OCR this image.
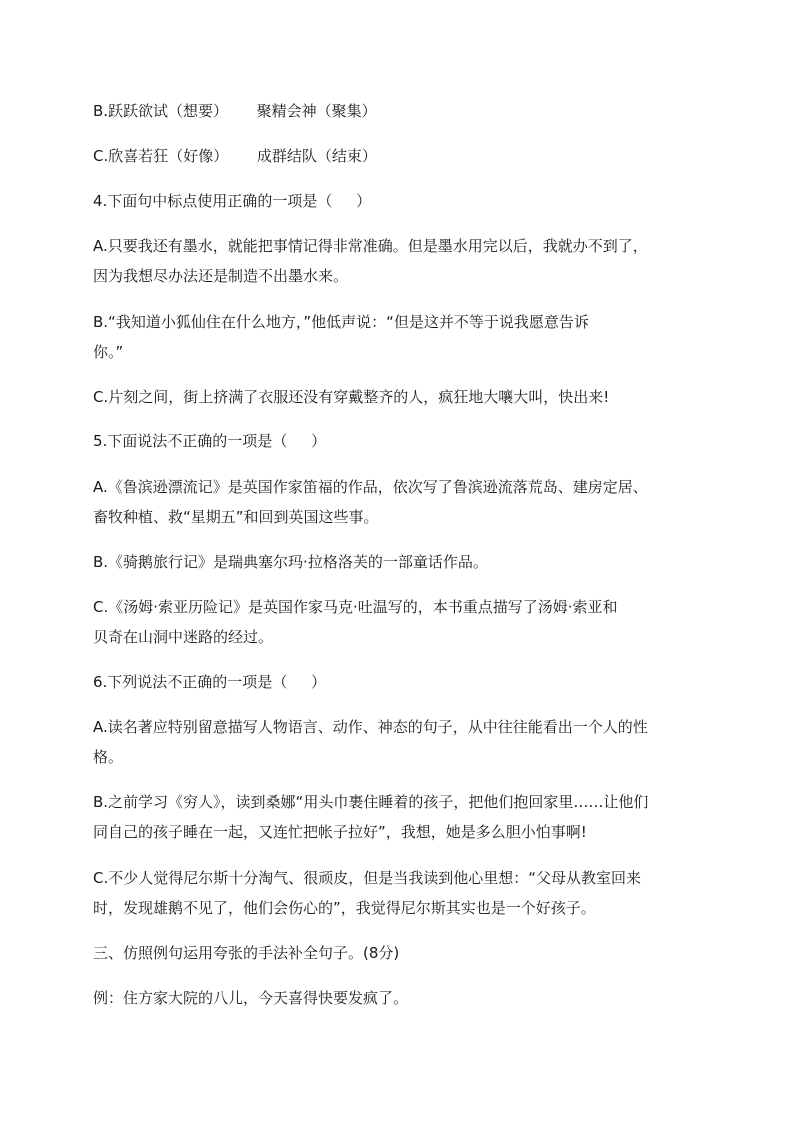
B.跃跃欲试（想要）      聚精会神（聚集）
C.欣喜若狂（好像）      成群结队（结束）
4.下面句中标点使用正确的一项是（     ）
A.只要我还有墨水，就能把事情记得非常准确。但是墨水用完以后，我就办不到了，
因为我想尽办法还是制造不出墨水来。
B.“我知道小狐仙住在什么地方，”他低声说：“但是这并不等于说我愿意告诉
你。”
C.片刻之间，街上挤满了衣服还没有穿戴整齐的人，疯狂地大嚷大叫，快出来!
5.下面说法不正确的一项是（     ）
A.《鲁滨逊漂流记》是英国作家笛福的作品，依次写了鲁滨逊流落荒岛、建房定居、
畜牧种植、救“星期五”和回到英国这些事。
B.《骑鹅旅行记》是瑞典塞尔玛·拉格洛芙的一部童话作品。
C.《汤姆·索亚历险记》是英国作家马克·吐温写的，本书重点描写了汤姆·索亚和
贝奇在山洞中迷路的经过。
6.下列说法不正确的一项是（     ）
A.读名著应特别留意描写人物语言、动作、神态的句子，从中往往能看出一个人的性
格。
B.之前学习《穷人》，读到桑娜“用头巾裹住睡着的孩子，把他们抱回家里……让他们
同自己的孩子睡在一起，又连忙把帐子拉好”，我想，她是多么胆小怕事啊!
C.不少人觉得尼尔斯十分淘气、很顽皮，但是当我读到他心里想：“父母从教室回来
时，发现雄鹅不见了，他们会伤心的”，我觉得尼尔斯其实也是一个好孩子。
三、仿照例句运用夸张的手法补全句子。(8分)
例：住方家大院的八儿，今天喜得快要发疯了。
